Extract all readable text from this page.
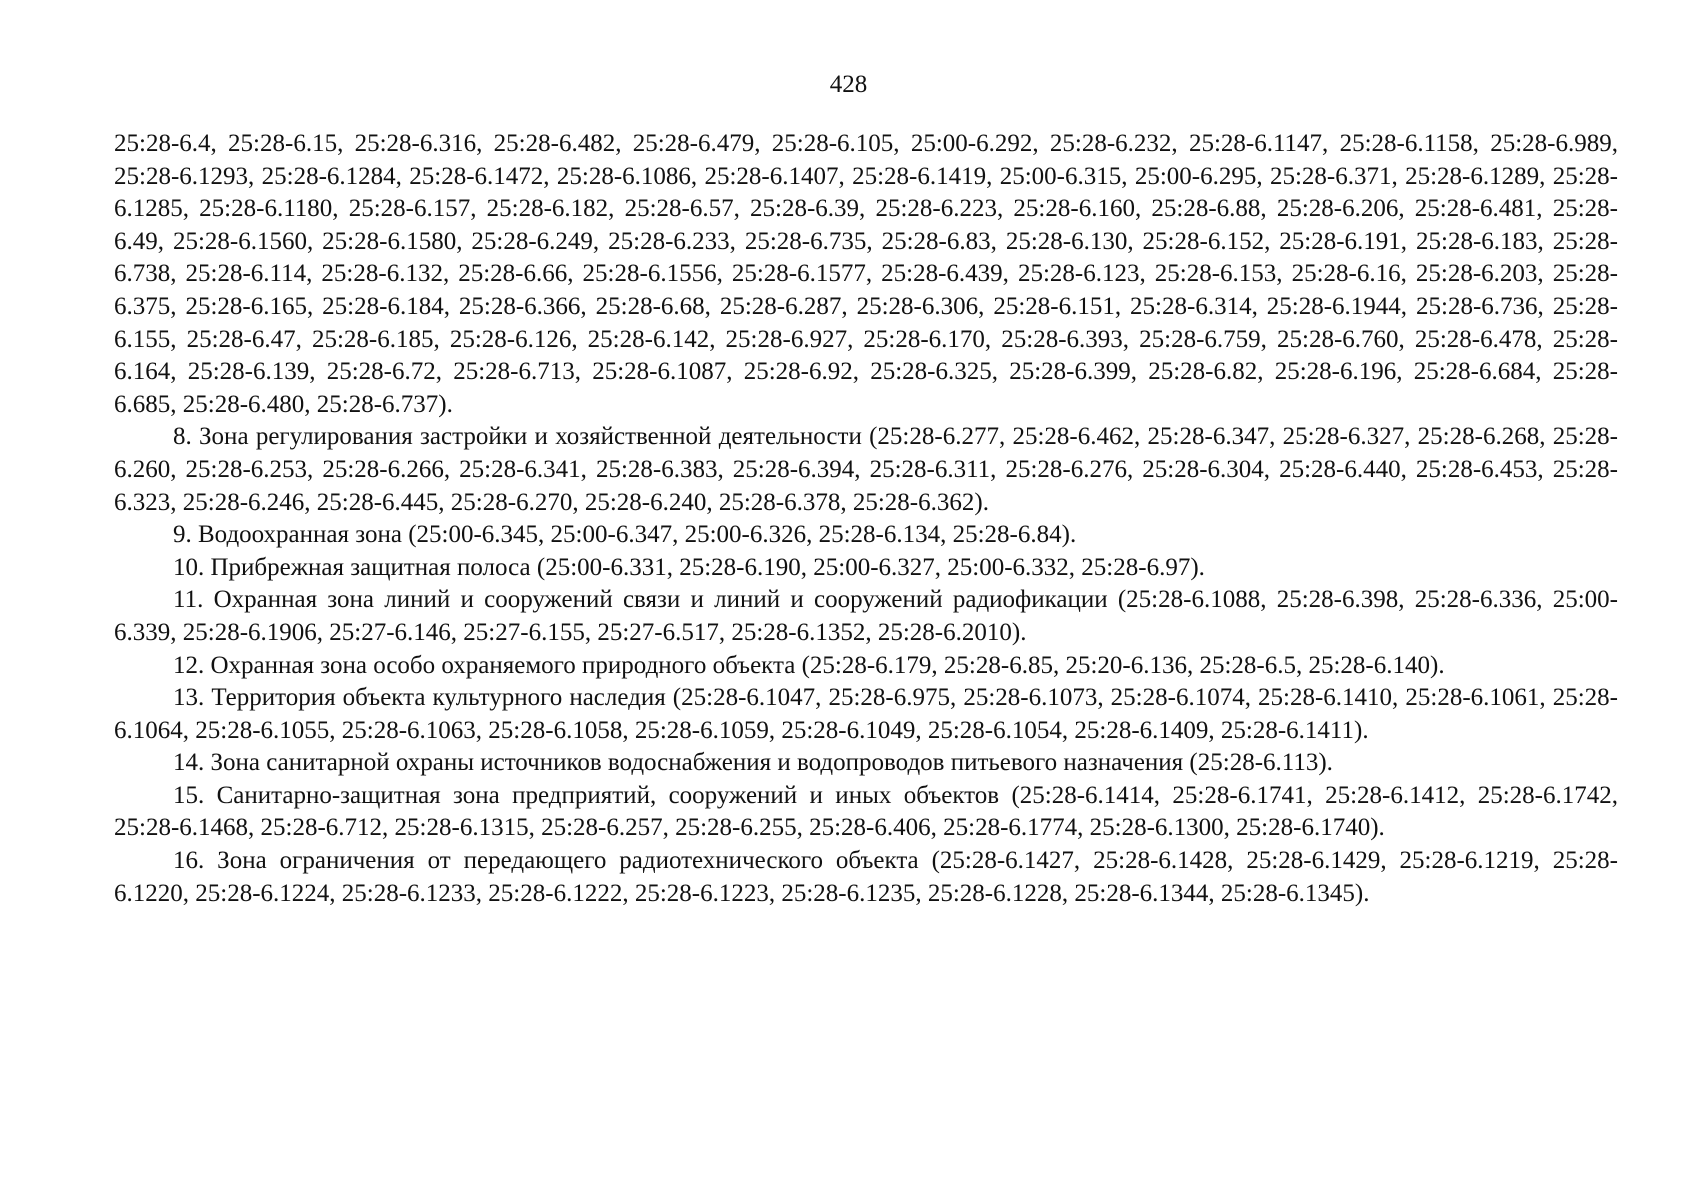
428

25:28-6.4, 25:28-6.15, 25:28-6.316, 25:28-6.482, 25:28-6.479, 25:28-6.105, 25:00-6.292, 25:28-6.232, 25:28-6.1147, 25:28-6.1158, 25:28-6.989, 25:28-6.1293, 25:28-6.1284, 25:28-6.1472, 25:28-6.1086, 25:28-6.1407, 25:28-6.1419, 25:00-6.315, 25:00-6.295, 25:28-6.371, 25:28-6.1289, 25:28-6.1285, 25:28-6.1180, 25:28-6.157, 25:28-6.182, 25:28-6.57, 25:28-6.39, 25:28-6.223, 25:28-6.160, 25:28-6.88, 25:28-6.206, 25:28-6.481, 25:28-6.49, 25:28-6.1560, 25:28-6.1580, 25:28-6.249, 25:28-6.233, 25:28-6.735, 25:28-6.83, 25:28-6.130, 25:28-6.152, 25:28-6.191, 25:28-6.183, 25:28-6.738, 25:28-6.114, 25:28-6.132, 25:28-6.66, 25:28-6.1556, 25:28-6.1577, 25:28-6.439, 25:28-6.123, 25:28-6.153, 25:28-6.16, 25:28-6.203, 25:28-6.375, 25:28-6.165, 25:28-6.184, 25:28-6.366, 25:28-6.68, 25:28-6.287, 25:28-6.306, 25:28-6.151, 25:28-6.314, 25:28-6.1944, 25:28-6.736, 25:28-6.155, 25:28-6.47, 25:28-6.185, 25:28-6.126, 25:28-6.142, 25:28-6.927, 25:28-6.170, 25:28-6.393, 25:28-6.759, 25:28-6.760, 25:28-6.478, 25:28-6.164, 25:28-6.139, 25:28-6.72, 25:28-6.713, 25:28-6.1087, 25:28-6.92, 25:28-6.325, 25:28-6.399, 25:28-6.82, 25:28-6.196, 25:28-6.684, 25:28-6.685, 25:28-6.480, 25:28-6.737).

8. Зона регулирования застройки и хозяйственной деятельности (25:28-6.277, 25:28-6.462, 25:28-6.347, 25:28-6.327, 25:28-6.268, 25:28-6.260, 25:28-6.253, 25:28-6.266, 25:28-6.341, 25:28-6.383, 25:28-6.394, 25:28-6.311, 25:28-6.276, 25:28-6.304, 25:28-6.440, 25:28-6.453, 25:28-6.323, 25:28-6.246, 25:28-6.445, 25:28-6.270, 25:28-6.240, 25:28-6.378, 25:28-6.362).

9. Водоохранная зона (25:00-6.345, 25:00-6.347, 25:00-6.326, 25:28-6.134, 25:28-6.84).

10. Прибрежная защитная полоса (25:00-6.331, 25:28-6.190, 25:00-6.327, 25:00-6.332, 25:28-6.97).

11. Охранная зона линий и сооружений связи и линий и сооружений радиофикации (25:28-6.1088, 25:28-6.398, 25:28-6.336, 25:00-6.339, 25:28-6.1906, 25:27-6.146, 25:27-6.155, 25:27-6.517, 25:28-6.1352, 25:28-6.2010).

12. Охранная зона особо охраняемого природного объекта (25:28-6.179, 25:28-6.85, 25:20-6.136, 25:28-6.5, 25:28-6.140).

13. Территория объекта культурного наследия (25:28-6.1047, 25:28-6.975, 25:28-6.1073, 25:28-6.1074, 25:28-6.1410, 25:28-6.1061, 25:28-6.1064, 25:28-6.1055, 25:28-6.1063, 25:28-6.1058, 25:28-6.1059, 25:28-6.1049, 25:28-6.1054, 25:28-6.1409, 25:28-6.1411).

14. Зона санитарной охраны источников водоснабжения и водопроводов питьевого назначения (25:28-6.113).

15. Санитарно-защитная зона предприятий, сооружений и иных объектов (25:28-6.1414, 25:28-6.1741, 25:28-6.1412, 25:28-6.1742, 25:28-6.1468, 25:28-6.712, 25:28-6.1315, 25:28-6.257, 25:28-6.255, 25:28-6.406, 25:28-6.1774, 25:28-6.1300, 25:28-6.1740).

16. Зона ограничения от передающего радиотехнического объекта (25:28-6.1427, 25:28-6.1428, 25:28-6.1429, 25:28-6.1219, 25:28-6.1220, 25:28-6.1224, 25:28-6.1233, 25:28-6.1222, 25:28-6.1223, 25:28-6.1235, 25:28-6.1228, 25:28-6.1344, 25:28-6.1345).
